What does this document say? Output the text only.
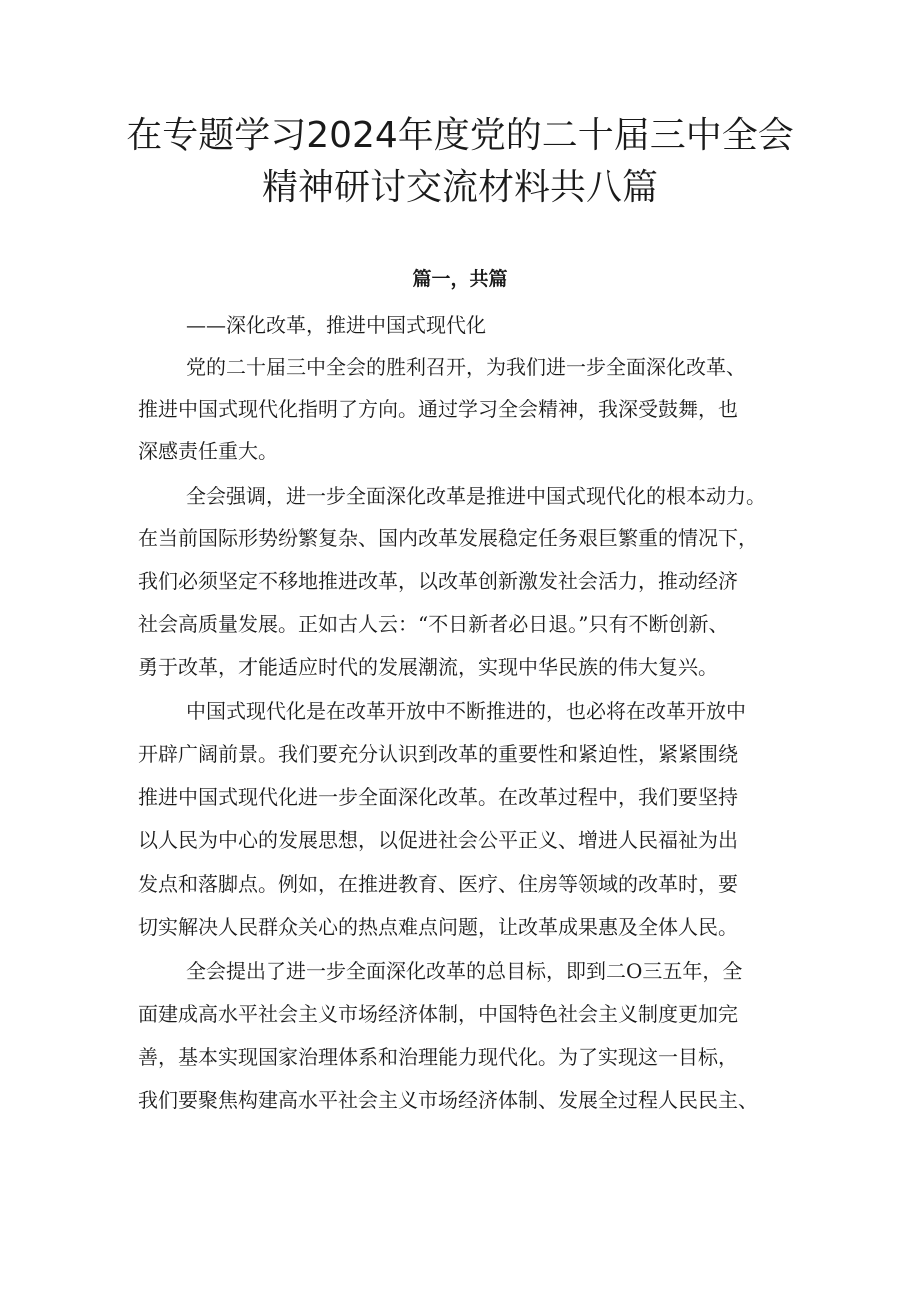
在专题学习2024年度党的二十届三中全会
精神研讨交流材料共八篇
篇一，共篇
——深化改革，推进中国式现代化
党的二十届三中全会的胜利召开，为我们进一步全面深化改革、
推进中国式现代化指明了方向。通过学习全会精神，我深受鼓舞，也
深感责任重大。
全会强调，进一步全面深化改革是推进中国式现代化的根本动力。
在当前国际形势纷繁复杂、国内改革发展稳定任务艰巨繁重的情况下，
我们必须坚定不移地推进改革，以改革创新激发社会活力，推动经济
社会高质量发展。正如古人云：“不日新者必日退。”只有不断创新、
勇于改革，才能适应时代的发展潮流，实现中华民族的伟大复兴。
中国式现代化是在改革开放中不断推进的，也必将在改革开放中
开辟广阔前景。我们要充分认识到改革的重要性和紧迫性，紧紧围绕
推进中国式现代化进一步全面深化改革。在改革过程中，我们要坚持
以人民为中心的发展思想，以促进社会公平正义、增进人民福祉为出
发点和落脚点。例如，在推进教育、医疗、住房等领域的改革时，要
切实解决人民群众关心的热点难点问题，让改革成果惠及全体人民。
全会提出了进一步全面深化改革的总目标，即到二O三五年，全
面建成高水平社会主义市场经济体制，中国特色社会主义制度更加完
善，基本实现国家治理体系和治理能力现代化。为了实现这一目标，
我们要聚焦构建高水平社会主义市场经济体制、发展全过程人民民主、
